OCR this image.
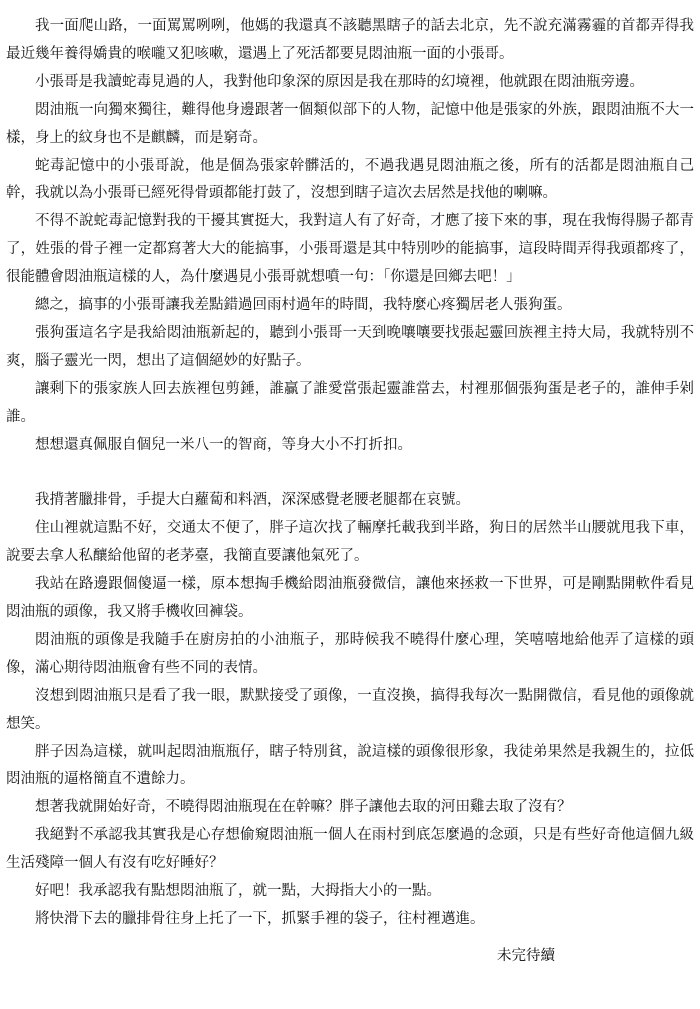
我一面爬山路，一面罵罵咧咧，他媽的我還真不該聽黑瞎子的話去北京，先不說充滿霧霾的首都弄得我最近幾年養得嬌貴的喉嚨又犯咳嗽，還遇上了死活都要見悶油瓶一面的小張哥。

小張哥是我讀蛇毒見過的人，我對他印象深的原因是我在那時的幻境裡，他就跟在悶油瓶旁邊。

悶油瓶一向獨來獨往，難得他身邊跟著一個類似部下的人物，記憶中他是張家的外族，跟悶油瓶不大一樣，身上的紋身也不是麒麟，而是窮奇。

蛇毒記憶中的小張哥說，他是個為張家幹髒活的，不過我遇見悶油瓶之後，所有的活都是悶油瓶自己幹，我就以為小張哥已經死得骨頭都能打鼓了，沒想到瞎子這次去居然是找他的喇嘛。

不得不說蛇毒記憶對我的干擾其實挺大，我對這人有了好奇，才應了接下來的事，現在我悔得腸子都青了，姓張的骨子裡一定都寫著大大的能搞事，小張哥還是其中特別吵的能搞事，這段時間弄得我頭都疼了，很能體會悶油瓶這樣的人，為什麼遇見小張哥就想噴一句：「你還是回鄉去吧！」

總之，搞事的小張哥讓我差點錯過回雨村過年的時間，我特麼心疼獨居老人張狗蛋。

張狗蛋這名字是我給悶油瓶新起的，聽到小張哥一天到晚嚷嚷要找張起靈回族裡主持大局，我就特別不爽，腦子靈光一閃，想出了這個絕妙的好點子。

讓剩下的張家族人回去族裡包剪錘，誰贏了誰愛當張起靈誰當去，村裡那個張狗蛋是老子的，誰伸手剁誰。

想想還真佩服自個兒一米八一的智商，等身大小不打折扣。

我揹著臘排骨，手提大白蘿蔔和料酒，深深感覺老腰老腿都在哀號。

住山裡就這點不好，交通太不便了，胖子這次找了輛摩托載我到半路，狗日的居然半山腰就甩我下車，說要去拿人私釀給他留的老茅臺，我簡直要讓他氣死了。

我站在路邊跟個傻逼一樣，原本想掏手機給悶油瓶發微信，讓他來拯救一下世界，可是剛點開軟件看見悶油瓶的頭像，我又將手機收回褲袋。

悶油瓶的頭像是我隨手在廚房拍的小油瓶子，那時候我不曉得什麼心理，笑嘻嘻地給他弄了這樣的頭像，滿心期待悶油瓶會有些不同的表情。

沒想到悶油瓶只是看了我一眼，默默接受了頭像，一直沒換，搞得我每次一點開微信，看見他的頭像就想笑。

胖子因為這樣，就叫起悶油瓶瓶仔，瞎子特別貧，說這樣的頭像很形象，我徒弟果然是我親生的，拉低悶油瓶的逼格簡直不遺餘力。

想著我就開始好奇，不曉得悶油瓶現在在幹嘛？胖子讓他去取的河田雞去取了沒有？

我絕對不承認我其實我是心存想偷窺悶油瓶一個人在雨村到底怎麼過的念頭，只是有些好奇他這個九級生活殘障一個人有沒有吃好睡好？

好吧！我承認我有點想悶油瓶了，就一點，大拇指大小的一點。

將快滑下去的臘排骨往身上托了一下，抓緊手裡的袋子，往村裡邁進。

未完待續
